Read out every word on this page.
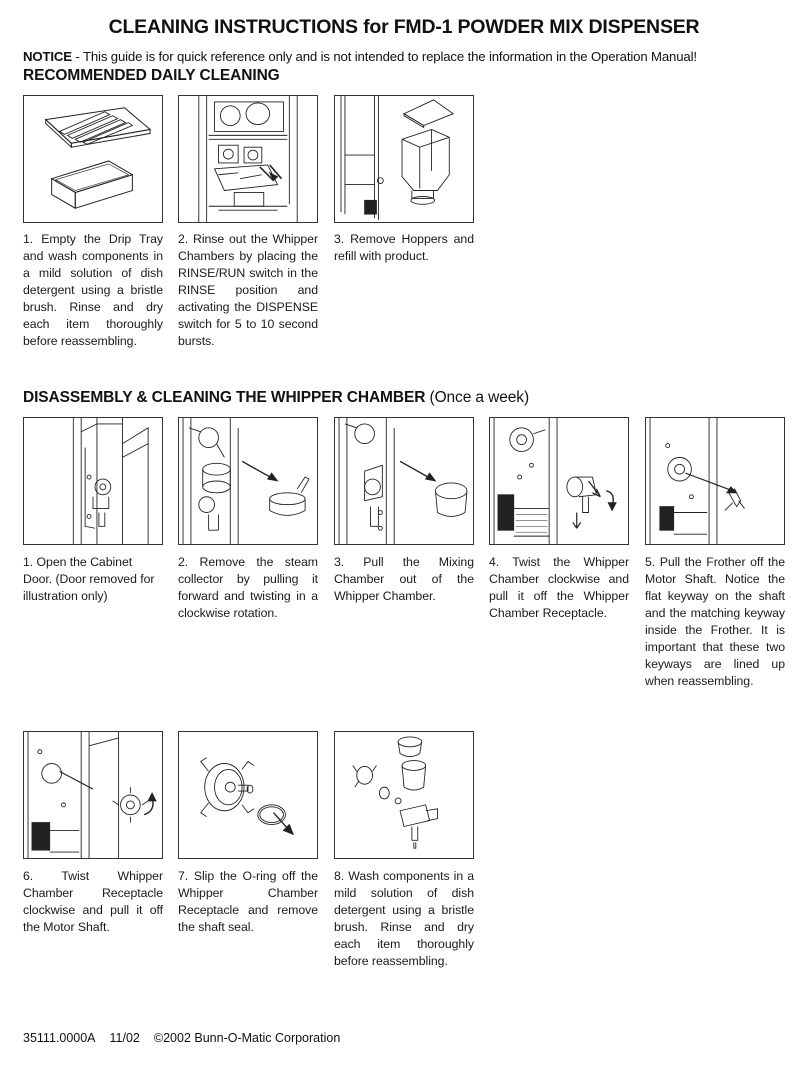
CLEANING INSTRUCTIONS for FMD-1 POWDER MIX DISPENSER
NOTICE - This guide is for quick reference only and is not intended to replace the information in the Operation Manual!
RECOMMENDED DAILY CLEANING
1. Empty the Drip Tray and wash components in a mild solution of dish detergent using a bristle brush. Rinse and dry each item thoroughly before reassembling.
2. Rinse out the Whipper Chambers by placing the RINSE/RUN switch in the RINSE position and activating the DISPENSE switch for 5 to 10 second bursts.
3. Remove Hoppers and refill with product.
DISASSEMBLY & CLEANING THE WHIPPER CHAMBER (Once a week)
1. Open the Cabinet Door. (Door removed for illustration only)
2. Remove the steam collector by pulling it forward and twisting in a clockwise rotation.
3. Pull the Mixing Chamber out of the Whipper Chamber.
4. Twist the Whipper Chamber clockwise and pull it off the Whipper Chamber Receptacle.
5. Pull the Frother off the Motor Shaft. Notice the flat keyway on the shaft and the matching keyway inside the Frother. It is important that these two keyways are lined up when reassembling.
6. Twist Whipper Chamber Receptacle clockwise and pull it off the Motor Shaft.
7. Slip the O-ring off the Whipper Chamber Receptacle and remove the shaft seal.
8. Wash components in a mild solution of dish detergent using a bristle brush. Rinse and dry each item thoroughly before reassembling.
35111.0000A 11/02 ©2002 Bunn-O-Matic Corporation
